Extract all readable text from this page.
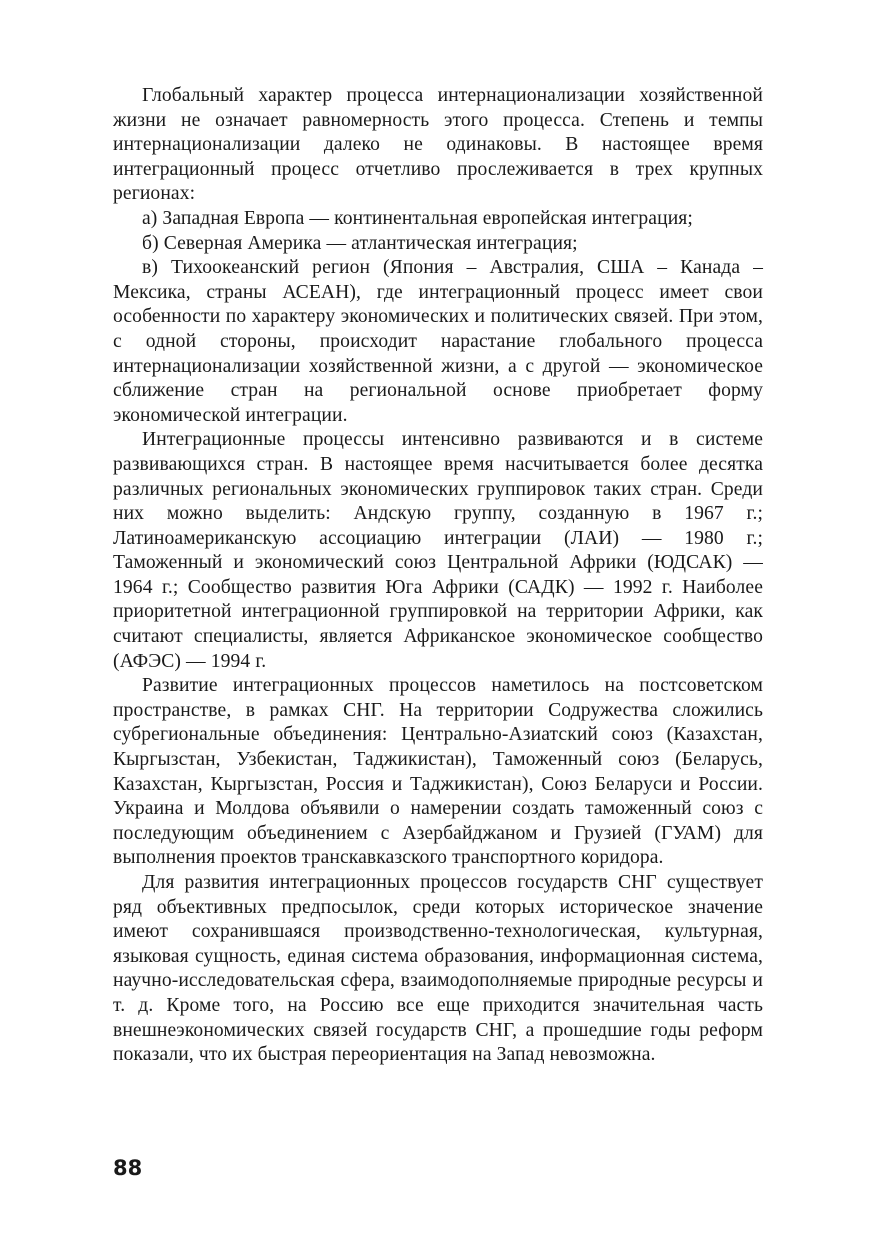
Глобальный характер процесса интернационализации хозяйственной жизни не означает равномерность этого процесса. Степень и темпы интернационализации далеко не одинаковы. В настоящее время интеграционный процесс отчетливо прослеживается в трех крупных регионах:

а) Западная Европа — континентальная европейская интеграция;

б) Северная Америка — атлантическая интеграция;

в) Тихоокеанский регион (Япония – Австралия, США – Канада – Мексика, страны АСЕАН), где интеграционный процесс имеет свои особенности по характеру экономических и политических связей. При этом, с одной стороны, происходит нарастание глобального процесса интернационализации хозяйственной жизни, а с другой — экономическое сближение стран на региональной основе приобретает форму экономической интеграции.

Интеграционные процессы интенсивно развиваются и в системе развивающихся стран. В настоящее время насчитывается более десятка различных региональных экономических группировок таких стран. Среди них можно выделить: Андскую группу, созданную в 1967 г.; Латиноамериканскую ассоциацию интеграции (ЛАИ) — 1980 г.; Таможенный и экономический союз Центральной Африки (ЮДСАК) — 1964 г.; Сообщество развития Юга Африки (САДК) — 1992 г. Наиболее приоритетной интеграционной группировкой на территории Африки, как считают специалисты, является Африканское экономическое сообщество (АФЭС) — 1994 г.

Развитие интеграционных процессов наметилось на постсоветском пространстве, в рамках СНГ. На территории Содружества сложились субрегиональные объединения: Центрально-Азиатский союз (Казахстан, Кыргызстан, Узбекистан, Таджикистан), Таможенный союз (Беларусь, Казахстан, Кыргызстан, Россия и Таджикистан), Союз Беларуси и России. Украина и Молдова объявили о намерении создать таможенный союз с последующим объединением с Азербайджаном и Грузией (ГУАМ) для выполнения проектов транскавказского транспортного коридора.

Для развития интеграционных процессов государств СНГ существует ряд объективных предпосылок, среди которых историческое значение имеют сохранившаяся производственно-технологическая, культурная, языковая сущность, единая система образования, информационная система, научно-исследовательская сфера, взаимодополняемые природные ресурсы и т. д. Кроме того, на Россию все еще приходится значительная часть внешнеэкономических связей государств СНГ, а прошедшие годы реформ показали, что их быстрая переориентация на Запад невозможна.

88
